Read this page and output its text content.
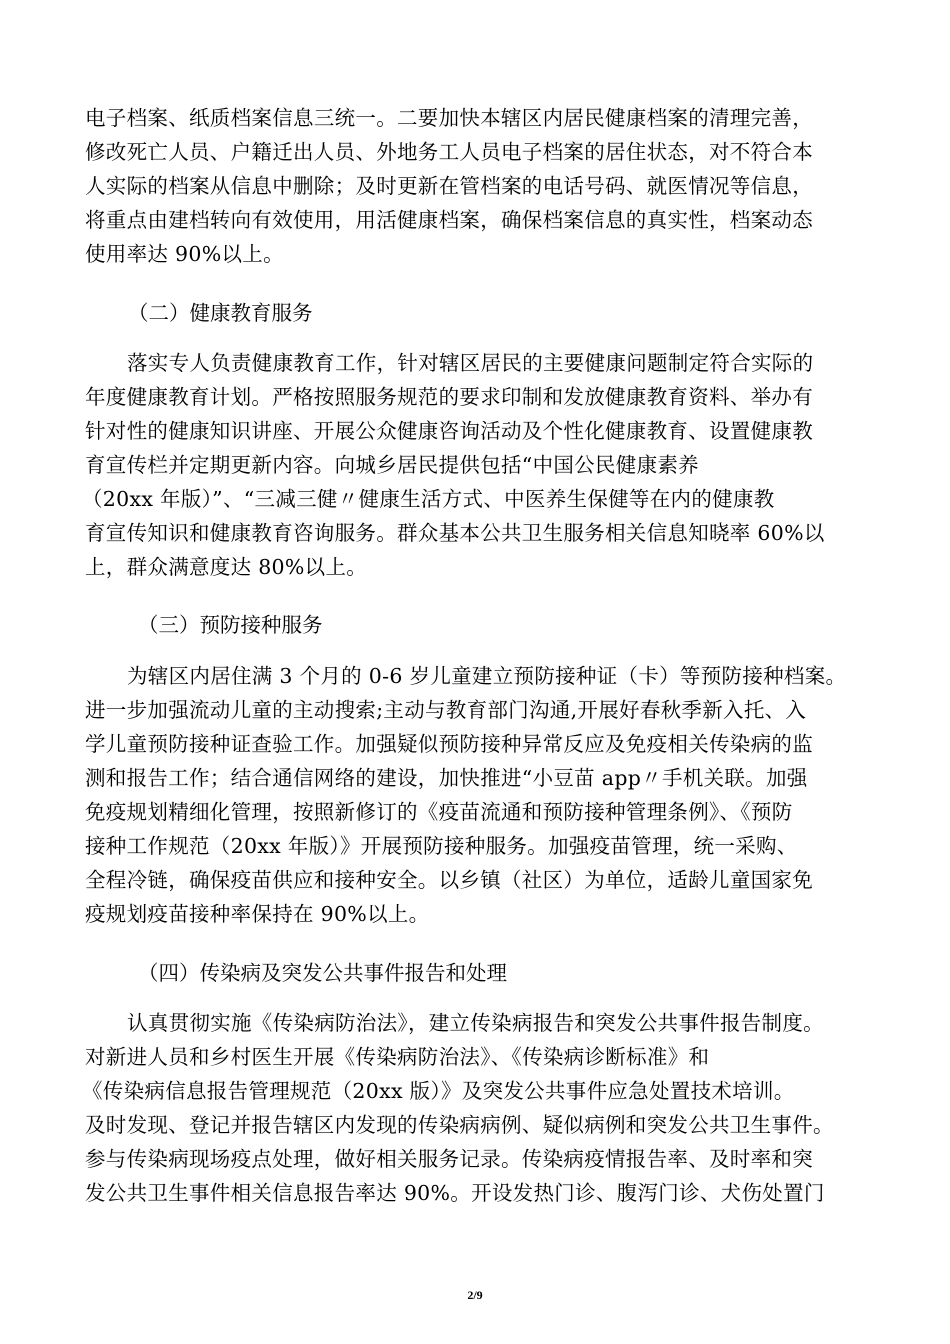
电子档案、纸质档案信息三统一。二要加快本辖区内居民健康档案的清理完善，
修改死亡人员、户籍迁出人员、外地务工人员电子档案的居住状态，对不符合本
人实际的档案从信息中删除；及时更新在管档案的电话号码、就医情况等信息，
将重点由建档转向有效使用，用活健康档案，确保档案信息的真实性，档案动态
使用率达 90%以上。
（二）健康教育服务
落实专人负责健康教育工作，针对辖区居民的主要健康问题制定符合实际的
年度健康教育计划。严格按照服务规范的要求印制和发放健康教育资料、举办有
针对性的健康知识讲座、开展公众健康咨询活动及个性化健康教育、设置健康教
育宣传栏并定期更新内容。向城乡居民提供包括“中国公民健康素养
（20xx 年版）”、“三减三健〃健康生活方式、中医养生保健等在内的健康教
育宣传知识和健康教育咨询服务。群众基本公共卫生服务相关信息知晓率 60%以
上，群众满意度达 80%以上。
（三）预防接种服务
为辖区内居住满 3 个月的 0-6 岁儿童建立预防接种证（卡）等预防接种档案。
进一步加强流动儿童的主动搜索;主动与教育部门沟通,开展好春秋季新入托、入
学儿童预防接种证查验工作。加强疑似预防接种异常反应及免疫相关传染病的监
测和报告工作；结合通信网络的建设，加快推进“小豆苗 app〃手机关联。加强
免疫规划精细化管理，按照新修订的《疫苗流通和预防接种管理条例》、《预防
接种工作规范（20xx 年版）》开展预防接种服务。加强疫苗管理，统一采购、
全程冷链，确保疫苗供应和接种安全。以乡镇（社区）为单位，适龄儿童国家免
疫规划疫苗接种率保持在 90%以上。
（四）传染病及突发公共事件报告和处理
认真贯彻实施《传染病防治法》，建立传染病报告和突发公共事件报告制度。
对新进人员和乡村医生开展《传染病防治法》、《传染病诊断标准》和
《传染病信息报告管理规范（20xx 版）》及突发公共事件应急处置技术培训。
及时发现、登记并报告辖区内发现的传染病病例、疑似病例和突发公共卫生事件。
参与传染病现场疫点处理，做好相关服务记录。传染病疫情报告率、及时率和突
发公共卫生事件相关信息报告率达 90%。开设发热门诊、腹泻门诊、犬伤处置门
2/9
